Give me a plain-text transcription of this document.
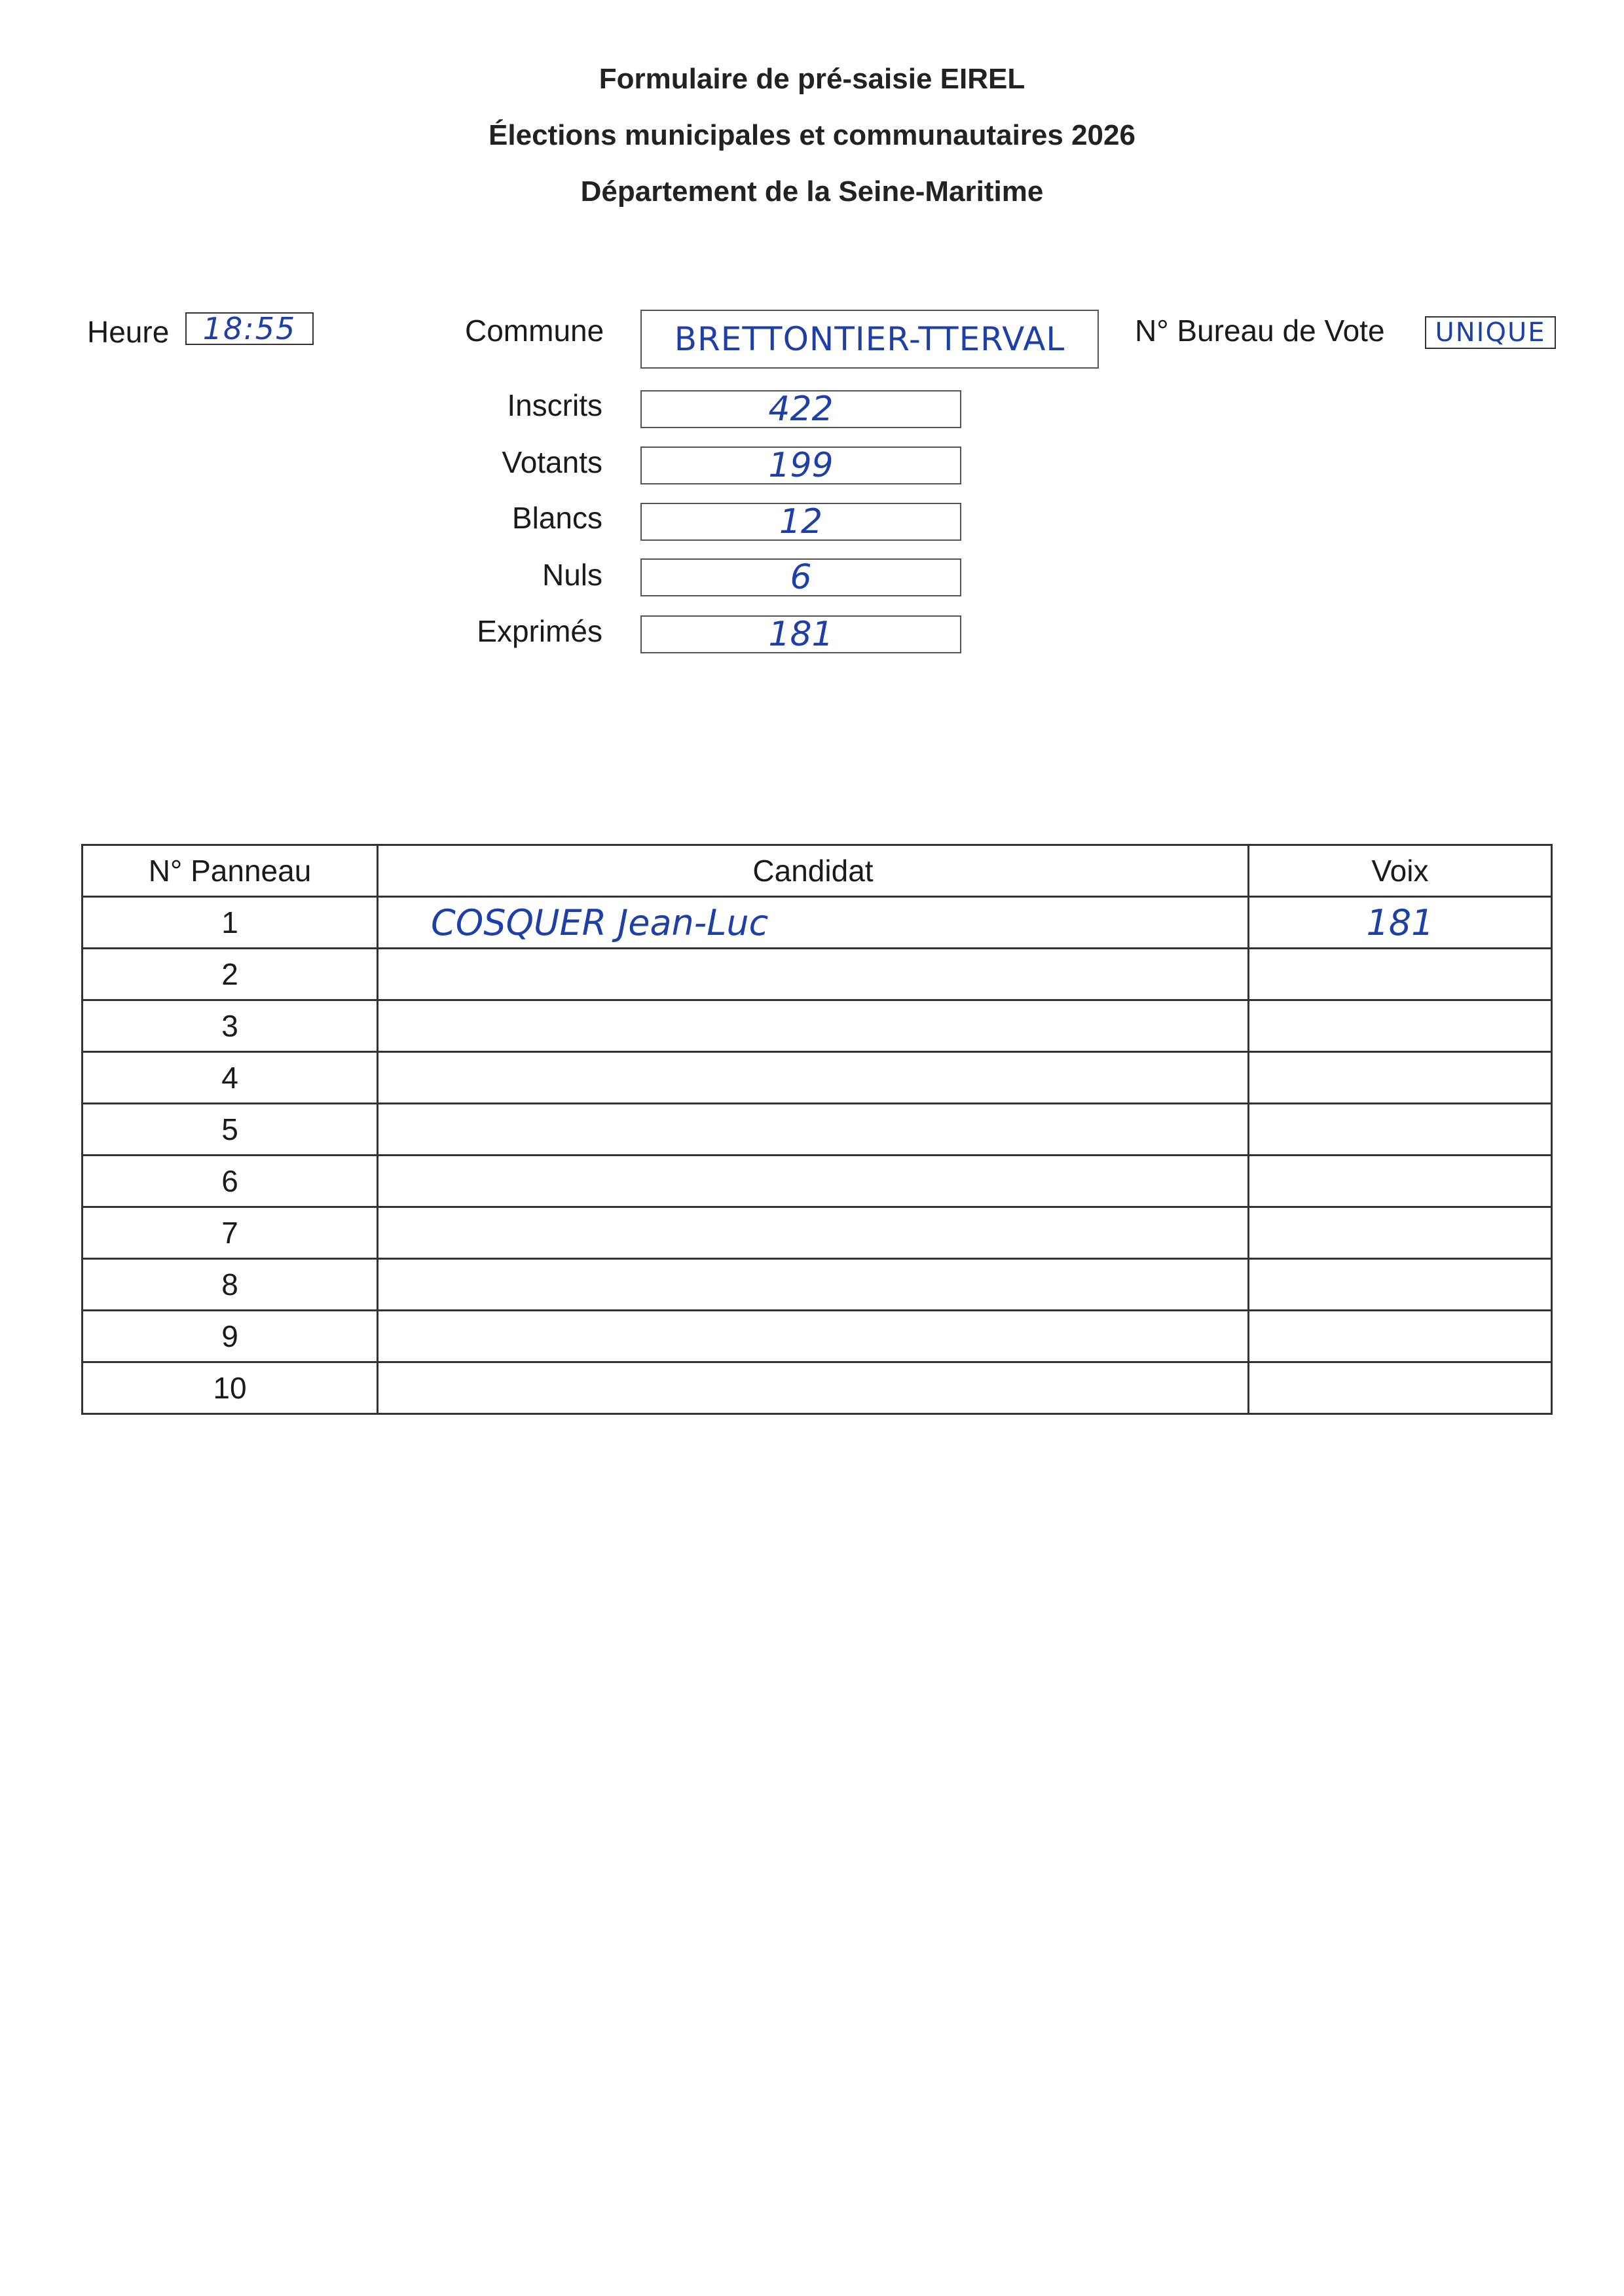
Formulaire de pré-saisie EIREL
Élections municipales et communautaires 2026
Département de la Seine-Maritime
Heure	18:55	Commune	BRETTONTIER-TTERVAL	N° Bureau de Vote	UNIQUE
Inscrits	422
Votants	199
Blancs	12
Nuls	6
Exprimés	181
N° Panneau	Candidat	Voix
1	COSQUER Jean-Luc	181
2		
3		
4		
5		
6		
7		
8		
9		
10		
